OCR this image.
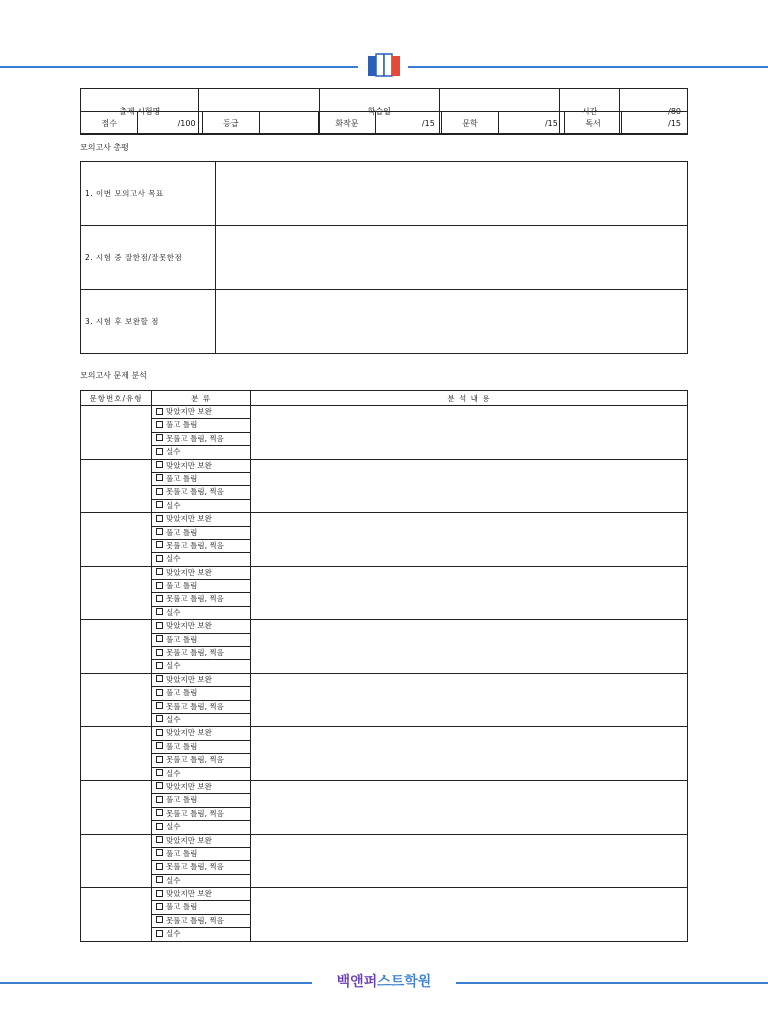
출제 시험명		학습일		시간	/80
점수	/100	등급		화작문	/15	문학	/15	독서	/15
모의고사 총평
1. 이번 모의고사 목표	
2. 시험 중 잘한점/잘못한점	
3. 시험 후 보완할 점	
모의고사 문제 분석
문항번호/유형	분 류	분 석 내 용

	맞았지만 보완
풀고 틀림
못풀고 틀림, 찍음
실수	

	맞았지만 보완
풀고 틀림
못풀고 틀림, 찍음
실수	

	맞았지만 보완
풀고 틀림
못풀고 틀림, 찍음
실수	

	맞았지만 보완
풀고 틀림
못풀고 틀림, 찍음
실수	

	맞았지만 보완
풀고 틀림
못풀고 틀림, 찍음
실수	

	맞았지만 보완
풀고 틀림
못풀고 틀림, 찍음
실수	

	맞았지만 보완
풀고 틀림
못풀고 틀림, 찍음
실수	

	맞았지만 보완
풀고 틀림
못풀고 틀림, 찍음
실수	

	맞았지만 보완
풀고 틀림
못풀고 틀림, 찍음
실수	

	맞았지만 보완
풀고 틀림
못풀고 틀림, 찍음
실수	

백앤퍼스트학원
